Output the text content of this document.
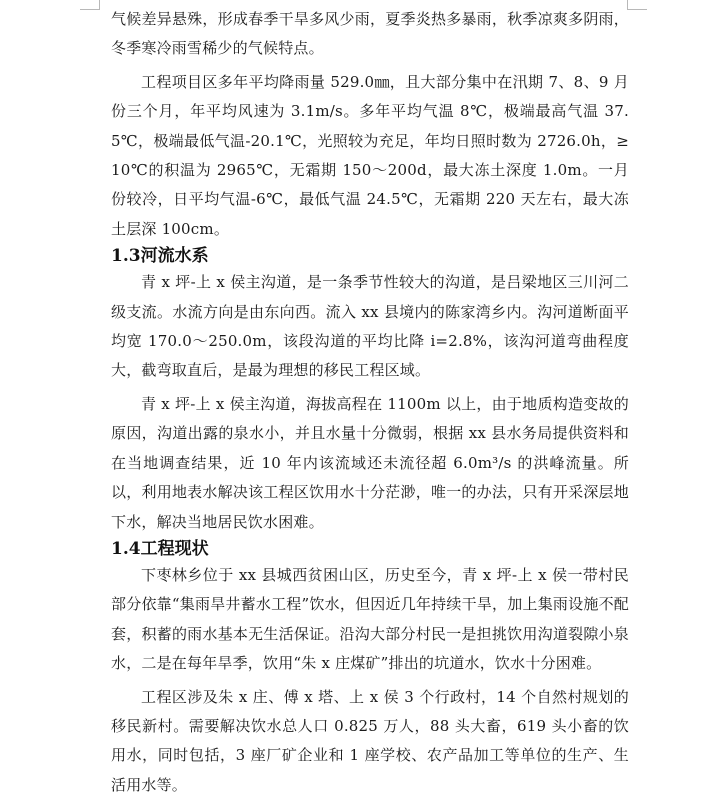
气候差异悬殊，形成春季干旱多风少雨，夏季炎热多暴雨，秋季凉爽多阴雨，冬季寒冷雨雪稀少的气候特点。

工程项目区多年平均降雨量 529.0㎜，且大部分集中在汛期 7、8、9 月份三个月，年平均风速为 3.1m/s。多年平均气温 8℃，极端最高气温 37.5℃，极端最低气温-20.1℃，光照较为充足，年均日照时数为 2726.0h，≥10℃的积温为 2965℃，无霜期 150～200d，最大冻土深度 1.0m。一月份较冷，日平均气温-6℃，最低气温 24.5℃，无霜期 220 天左右，最大冻土层深 100cm。

1.3河流水系

青 x 坪-上 x 侯主沟道，是一条季节性较大的沟道，是吕梁地区三川河二级支流。水流方向是由东向西。流入 xx 县境内的陈家湾乡内。沟河道断面平均宽 170.0～250.0m，该段沟道的平均比降 i=2.8%，该沟河道弯曲程度大，截弯取直后，是最为理想的移民工程区域。

青 x 坪-上 x 侯主沟道，海拔高程在 1100m 以上，由于地质构造变故的原因，沟道出露的泉水小，并且水量十分微弱，根据 xx 县水务局提供资料和在当地调查结果，近 10 年内该流域还未流径超 6.0m³/s 的洪峰流量。所以，利用地表水解决该工程区饮用水十分茫渺，唯一的办法，只有开采深层地下水，解决当地居民饮水困难。

1.4工程现状

下枣林乡位于 xx 县城西贫困山区，历史至今，青 x 坪-上 x 侯一带村民部分依靠“集雨旱井蓄水工程”饮水，但因近几年持续干旱，加上集雨设施不配套，积蓄的雨水基本无生活保证。沿沟大部分村民一是担挑饮用沟道裂隙小泉水，二是在每年旱季，饮用“朱 x 庄煤矿”排出的坑道水，饮水十分困难。

工程区涉及朱 x 庄、傅 x 塔、上 x 侯 3 个行政村，14 个自然村规划的移民新村。需要解决饮水总人口 0.825 万人，88 头大畜，619 头小畜的饮用水，同时包括，3 座厂矿企业和 1 座学校、农产品加工等单位的生产、生活用水等。
